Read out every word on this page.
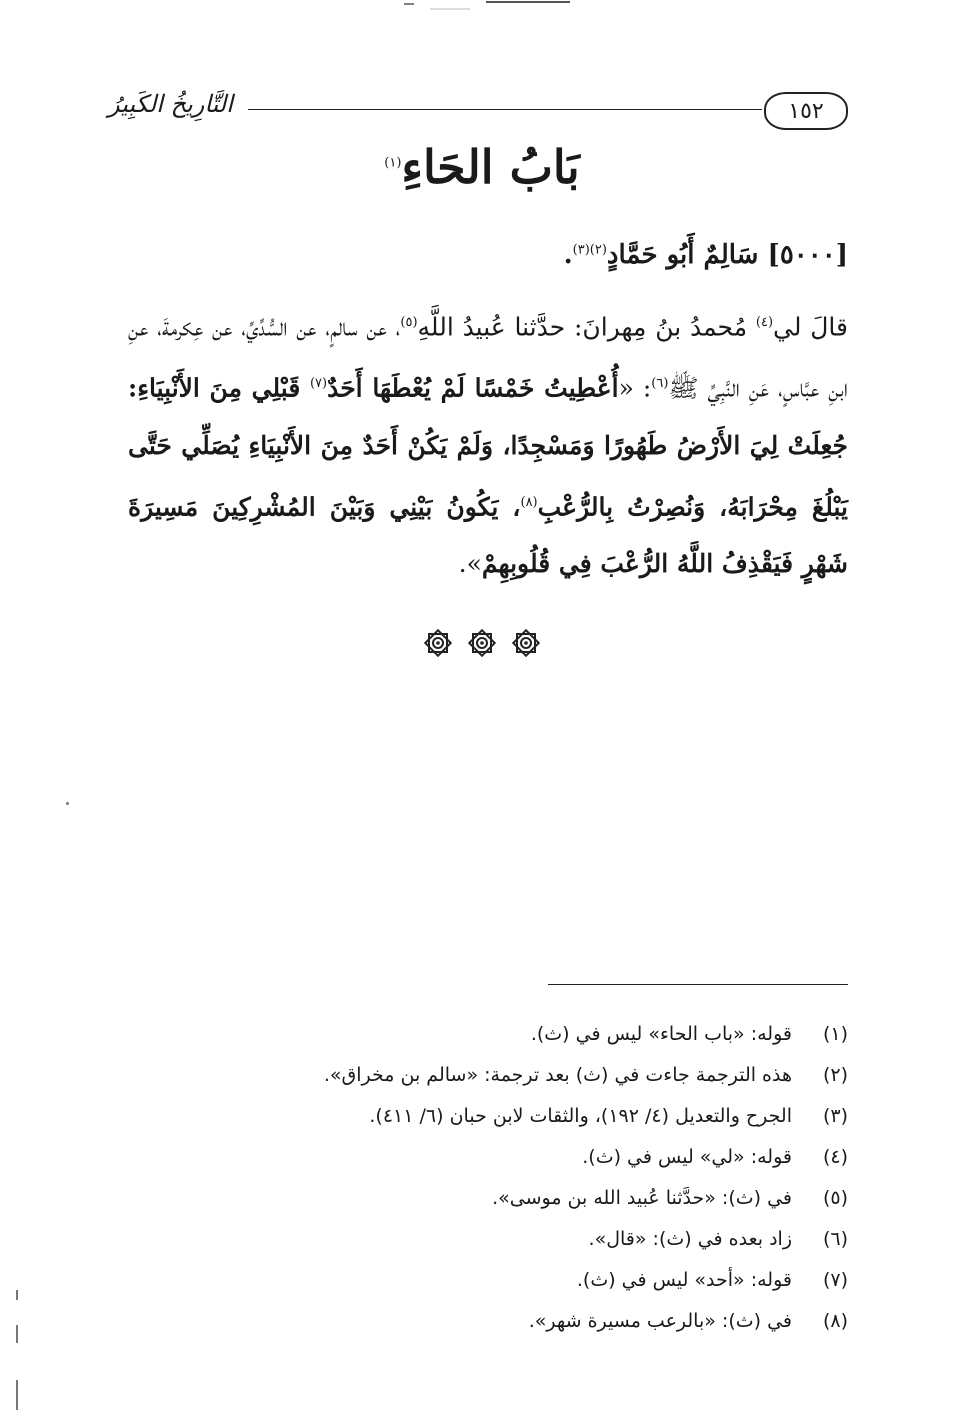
١٥٢
التَّارِيخُ الكَبِيرُ
بَابُ الحَاءِ$^{(١)}$
[٥٠٠٠] سَالِمٌ أَبُو حَمَّادٍ$^{(٢)(٣)}$.
قالَ لي$^{(٤)}$ مُحمدُ بنُ مِهرانَ: حدَّثنا عُبيدُ اللَّهِ$^{(٥)}$، عن سالمٍ، عن السُّدِّيِّ، عن عِكرمةَ، عنِ ابنِ عبَّاسٍ، عَنِ النَّبِيِّ ﷺ$^{(٦)}$: «أُعْطِيتُ خَمْسًا لَمْ يُعْطَهَا أَحَدٌ$^{(٧)}$ قَبْلِي مِنَ الأَنْبِيَاءِ: جُعِلَتْ لِيَ الأَرْضُ طَهُورًا وَمَسْجِدًا، وَلَمْ يَكُنْ أَحَدٌ مِنَ الأَنْبِيَاءِ يُصَلِّي حَتَّى يَبْلُغَ مِحْرَابَهُ، وَنُصِرْتُ بِالرُّعْبِ$^{(٨)}$، يَكُونُ بَيْنِي وَبَيْنَ المُشْرِكِينَ مَسِيرَةَ شَهْرٍ فَيَقْذِفُ اللَّهُ الرُّعْبَ فِي قُلُوبِهِمْ».
(١)
قوله: «باب الحاء» ليس في (ث).
(٢)
هذه الترجمة جاءت في (ث) بعد ترجمة: «سالم بن مخراق».
(٣)
الجرح والتعديل (٤/ ١٩٢)، والثقات لابن حبان (٦/ ٤١١).
(٤)
قوله: «لي» ليس في (ث).
(٥)
في (ث): «حدَّثنا عُبيد الله بن موسى».
(٦)
زاد بعده في (ث): «قال».
(٧)
قوله: «أحد» ليس في (ث).
(٨)
في (ث): «بالرعب مسيرة شهر».
